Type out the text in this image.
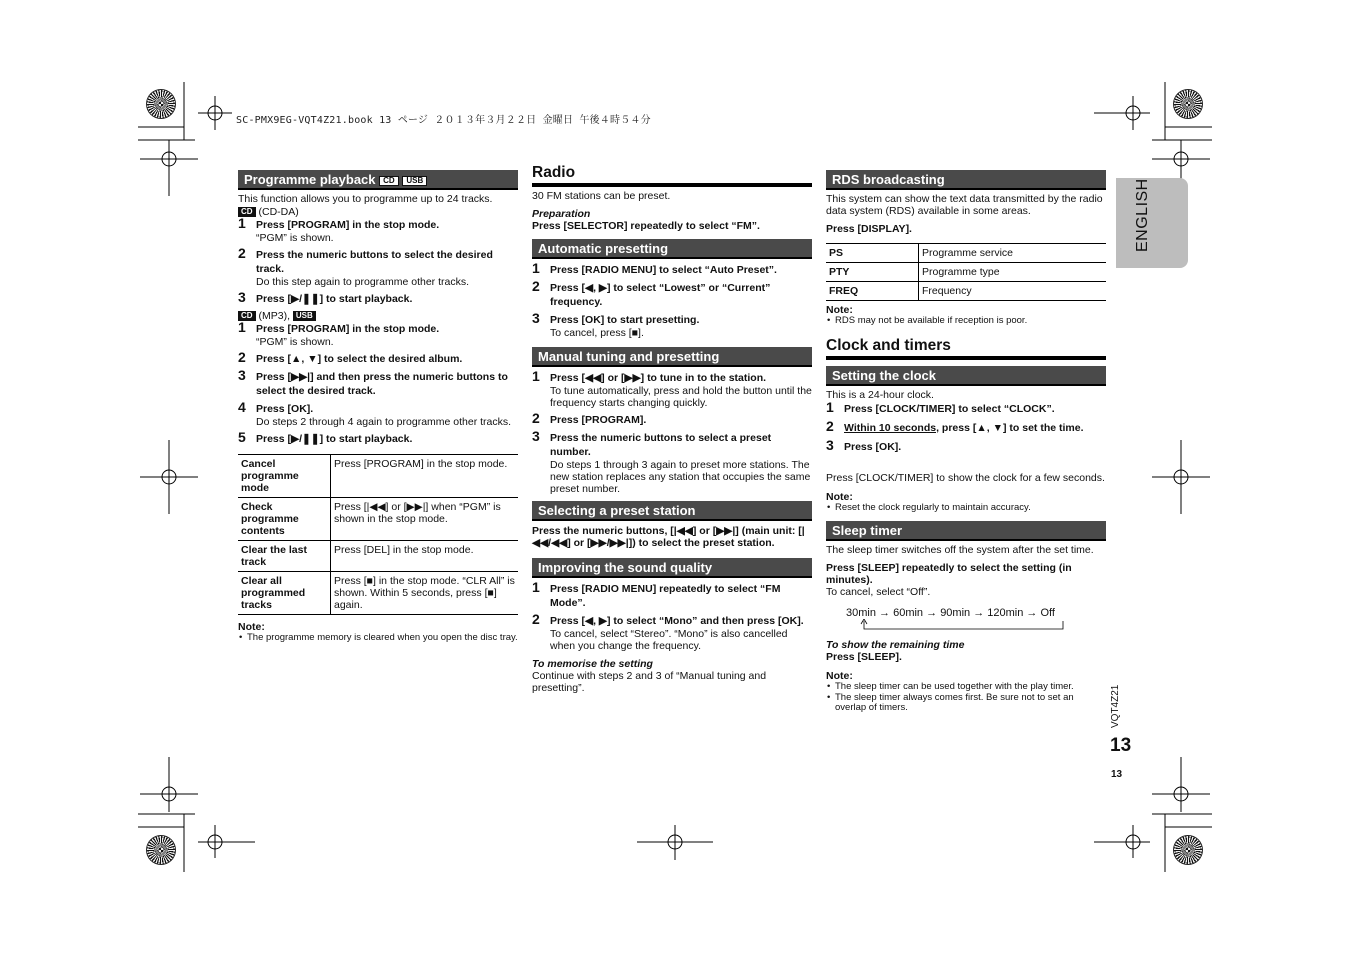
SC-PMX9EG-VQT4Z21.book 13 ページ ２０１３年３月２２日 金曜日 午後４時５４分
ENGLISH
VQT4Z21
13
13
Programme playback CD USB

This function allows you to programme up to 24 tracks.

CD (CD-DA)

1 Press [PROGRAM] in the stop mode.
“PGM” is shown.
2 Press the numeric buttons to select the desired track.
Do this step again to programme other tracks.
3 Press [▶/❚❚] to start playback.

CD (MP3), USB

1 Press [PROGRAM] in the stop mode.
“PGM” is shown.
2 Press [▲, ▼] to select the desired album.
3 Press [▶▶|] and then press the numeric buttons to select the desired track.
4 Press [OK].
Do steps 2 through 4 again to programme other tracks.
5 Press [▶/❚❚] to start playback.
Cancel programme mode	Press [PROGRAM] in the stop mode.
Check programme contents	Press [|◀◀] or [▶▶|] when “PGM” is shown in the stop mode.
Clear the last track	Press [DEL] in the stop mode.
Clear all programmed tracks	Press [■] in the stop mode. “CLR All” is shown. Within 5 seconds, press [■] again.

Note:

• The programme memory is cleared when you open the disc tray.

Radio

30 FM stations can be preset.

Preparation

Press [SELECTOR] repeatedly to select “FM”.

Automatic presetting
1 Press [RADIO MENU] to select “Auto Preset”.
2 Press [◀, ▶] to select “Lowest” or “Current” frequency.
3 Press [OK] to start presetting.
To cancel, press [■].
Manual tuning and presetting
1 Press [◀◀] or [▶▶] to tune in to the station.
To tune automatically, press and hold the button until the frequency starts changing quickly.
2 Press [PROGRAM].
3 Press the numeric buttons to select a preset number.
Do steps 1 through 3 again to preset more stations. The new station replaces any station that occupies the same preset number.
Selecting a preset station

Press the numeric buttons, [|◀◀] or [▶▶|] (main unit: [|◀◀/◀◀] or [▶▶/▶▶|]) to select the preset station.

Improving the sound quality
1 Press [RADIO MENU] repeatedly to select “FM Mode”.
2 Press [◀, ▶] to select “Mono” and then press [OK].
To cancel, select “Stereo”. “Mono” is also cancelled when you change the frequency.

To memorise the setting

Continue with steps 2 and 3 of “Manual tuning and presetting”.

RDS broadcasting

This system can show the text data transmitted by the radio data system (RDS) available in some areas.

Press [DISPLAY].

PS	Programme service
PTY	Programme type
FREQ	Frequency

Note:

• RDS may not be available if reception is poor.

Clock and timers

Setting the clock

This is a 24-hour clock.

1 Press [CLOCK/TIMER] to select “CLOCK”.
2 Within 10 seconds, press [▲, ▼] to set the time.
3 Press [OK].

Press [CLOCK/TIMER] to show the clock for a few seconds.

Note:

• Reset the clock regularly to maintain accuracy.

Sleep timer

The sleep timer switches off the system after the set time.

Press [SLEEP] repeatedly to select the setting (in minutes).

To cancel, select “Off”.

30min → 60min → 90min → 120min → Off

To show the remaining time

Press [SLEEP].

Note:

• The sleep timer can be used together with the play timer.

• The sleep timer always comes first. Be sure not to set an overlap of timers.
